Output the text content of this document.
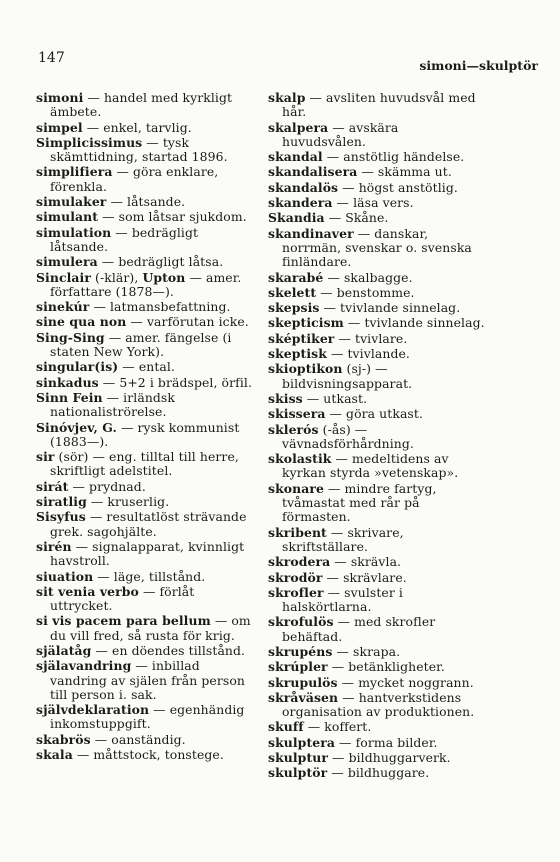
147	simoni—skulptör
simoni — handel med kyrkligt ämbete.
simpel — enkel, tarvlig.
Simplicissimus — tysk skämttidning, startad 1896.
simplifiera — göra enklare, förenkla.
simulaker — låtsande.
simulant — som låtsar sjukdom.
simulation — bedrägligt låtsande.
simulera — bedrägligt låtsa.
Sinclair (-klär), Upton — amer. författare (1878—).
sinekúr — latmansbefattning.
sine qua non — varförutan icke.
Sing-Sing — amer. fängelse (i staten New York).
singular(is) — ental.
sinkadus — 5+2 i brädspel, örfil.
Sinn Fein — irländsk nationaliströrelse.
Sinóvjev, G. — rysk kommunist (1883—).
sir (sör) — eng. tilltal till herre, skriftligt adelstitel.
sirát — prydnad.
siratlig — kruserlig.
Sisyfus — resultatlöst strävande grek. sagohjälte.
sirén — signalapparat, kvinnligt havstroll.
siuation — läge, tillstånd.
sit venia verbo — förlåt uttrycket.
si vis pacem para bellum — om du vill fred, så rusta för krig.
själatåg — en döendes tillstånd.
själavandring — inbillad vandring av själen från person till person i. sak.
självdeklaration — egenhändig inkomstuppgift.
skabrös — oanständig.
skala — måttstock, tonstege.
skalp — avsliten huvudsvål med hår.
skalpera — avskära huvudsvålen.
skandal — anstötlig händelse.
skandalisera — skämma ut.
skandalös — högst anstötlig.
skandera — läsa vers.
Skandia — Skåne.
skandinaver — danskar, norrmän, svenskar o. svenska finländare.
skarabé — skalbagge.
skelett — benstomme.
skepsis — tvivlande sinnelag.
skepticism — tvivlande sinnelag.
sképtiker — tvivlare.
skeptisk — tvivlande.
skioptikon (sj-) — bildvisningsapparat.
skiss — utkast.
skissera — göra utkast.
sklerós (-ås) — vävnadsförhårdning.
skolastik — medeltidens av kyrkan styrda »vetenskap».
skonare — mindre fartyg, tvåmastat med rår på förmasten.
skribent — skrivare, skriftställare.
skrodera — skrävla.
skrodör — skrävlare.
skrofler — svulster i halskörtlarna.
skrofulös — med skrofler behäftad.
skrupéns — skrapa.
skrúpler — betänkligheter.
skrupulös — mycket noggrann.
skråväsen — hantverkstidens organisation av produktionen.
skuff — koffert.
skulptera — forma bilder.
skulptur — bildhuggarverk.
skulptör — bildhuggare.
